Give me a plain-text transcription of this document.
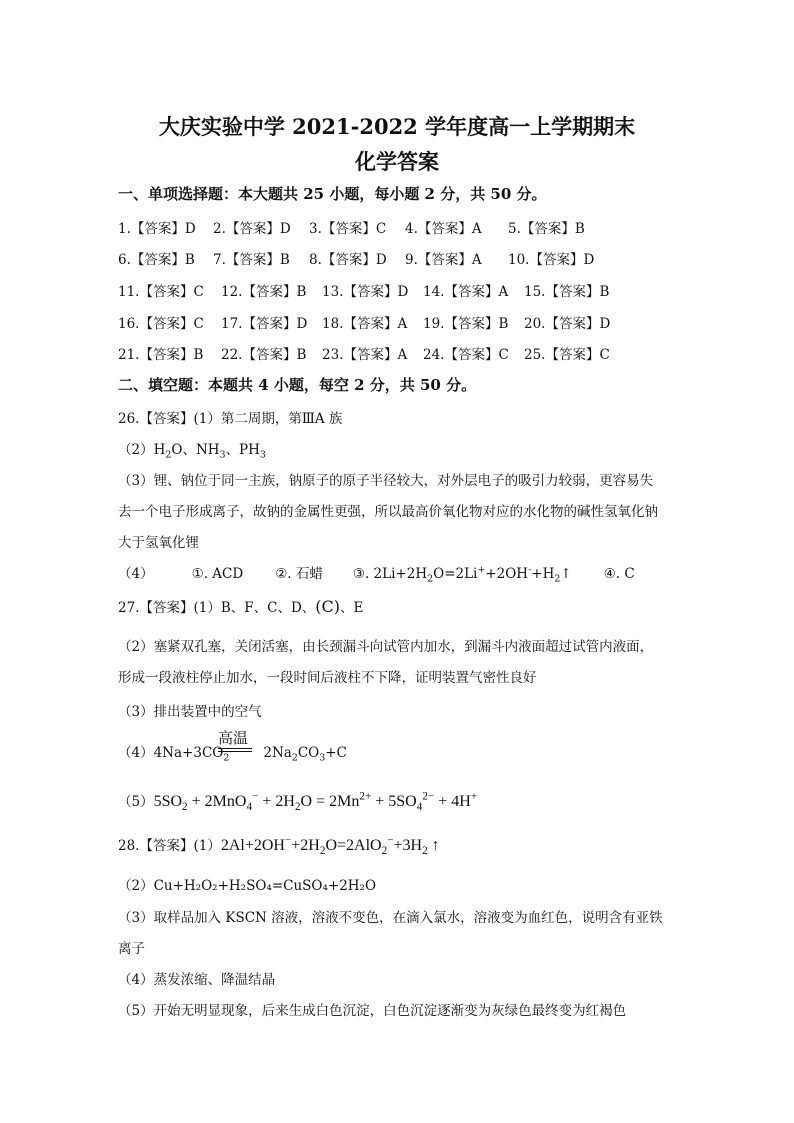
大庆实验中学 2021-2022 学年度高一上学期期末
化学答案
一、单项选择题：本大题共 25 小题，每小题 2 分，共 50 分。
1.【答案】D 2.【答案】D 3.【答案】C 4.【答案】A 5.【答案】B
6.【答案】B 7.【答案】B 8.【答案】D 9.【答案】A 10.【答案】D
11.【答案】C 12.【答案】B 13.【答案】D 14.【答案】A 15.【答案】B
16.【答案】C 17.【答案】D 18.【答案】A 19.【答案】B 20.【答案】D
21.【答案】B 22.【答案】B 23.【答案】A 24.【答案】C 25.【答案】C
二、填空题：本题共 4 小题，每空 2 分，共 50 分。
26.【答案】(1）第二周期，第ⅢA 族
$(2)H_2O$、$NH_3$、$PH_3$
（3）锂、钠位于同一主族，钠原子的原子半径较大，对外层电子的吸引力较弱，更容易失
去一个电子形成离子，故钠的金属性更强，所以最高价氧化物对应的水化物的碱性氢氧化钠
大于氢氧化锂
（4）	①. ACD ②. 石蜡 ③. $2Li+2H_2O=2Li^++2OH^-+H_2↑$ ④. C
27.【答案】(1）B、F、C、D、(C)、E
（2）塞紧双孔塞，关闭活塞，由长颈漏斗向试管内加水，到漏斗内液面超过试管内液面，
形成一段液柱停止加水，一段时间后液柱不下降，证明装置气密性良好
（3）排出装置中的空气
高温
$(4)4Na+3CO_2$	$2Na_2CO_3+C$
$(5)5SO_2 + 2MnO_4^- + 2H_2O = 2Mn^{2+} + 5SO_4^{2-} + 4H^+$
28.【答案】$(1)2Al+2OH^-+2H_2O=2AlO_2^-+3H_2$ ↑
（2）Cu+H₂O₂+H₂SO₄=CuSO₄+2H₂O
（3）取样品加入 KSCN 溶液，溶液不变色，在滴入氯水，溶液变为血红色，说明含有亚铁
离子
（4）蒸发浓缩、降温结晶
（5）开始无明显现象，后来生成白色沉淀，白色沉淀逐渐变为灰绿色最终变为红褐色
